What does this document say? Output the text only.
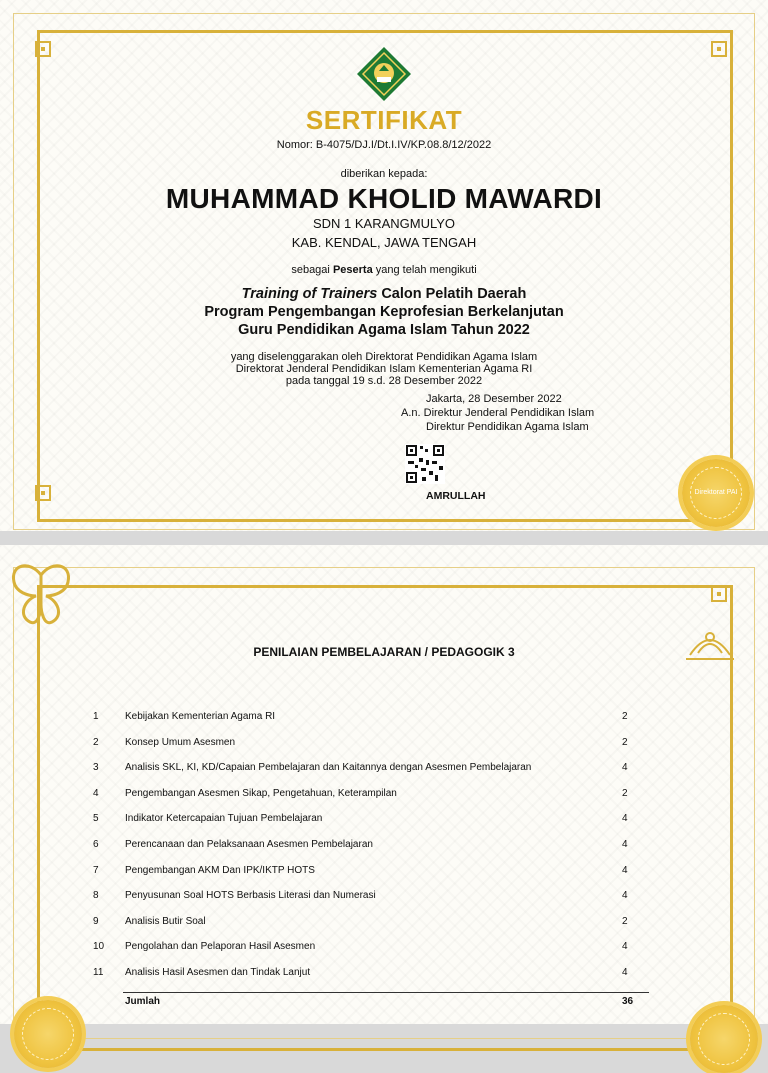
SERTIFIKAT
Nomor: B-4075/DJ.I/Dt.I.IV/KP.08.8/12/2022
diberikan kepada:
MUHAMMAD KHOLID MAWARDI
SDN 1 KARANGMULYO
KAB. KENDAL, JAWA TENGAH
sebagai Peserta yang telah mengikuti
Training of Trainers Calon Pelatih Daerah
Program Pengembangan Keprofesian Berkelanjutan
Guru Pendidikan Agama Islam Tahun 2022
yang diselenggarakan oleh Direktorat Pendidikan Agama Islam
Direktorat Jenderal Pendidikan Islam Kementerian Agama RI
pada tanggal 19 s.d. 28 Desember 2022
Jakarta, 28 Desember 2022
A.n. Direktur Jenderal Pendidikan Islam
Direktur Pendidikan Agama Islam
AMRULLAH	Direktorat PAI
PENILAIAN PEMBELAJARAN / PEDAGOGIK 3
1	Kebijakan Kementerian Agama RI	2
2	Konsep Umum Asesmen	2
3	Analisis SKL, KI, KD/Capaian Pembelajaran dan Kaitannya dengan Asesmen Pembelajaran	4
4	Pengembangan Asesmen Sikap, Pengetahuan, Keterampilan	2
5	Indikator Ketercapaian Tujuan Pembelajaran	4
6	Perencanaan dan Pelaksanaan Asesmen Pembelajaran	4
7	Pengembangan AKM Dan IPK/IKTP HOTS	4
8	Penyusunan Soal HOTS Berbasis Literasi dan Numerasi	4
9	Analisis Butir Soal	2
10 Pengolahan dan Pelaporan Hasil Asesmen	4
11 Analisis Hasil Asesmen dan Tindak Lanjut	4
Jumlah	36
